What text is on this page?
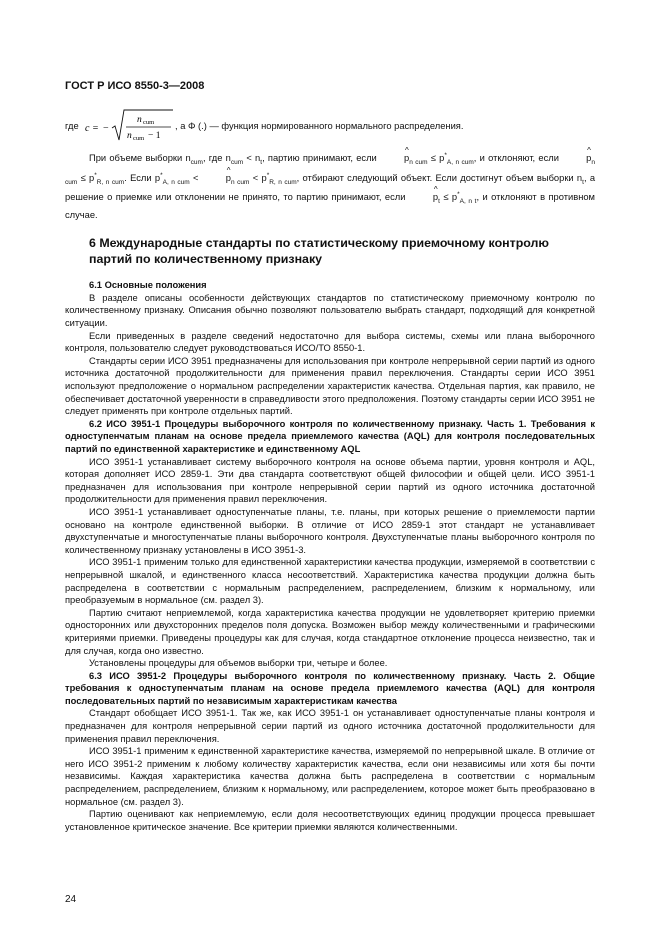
ГОСТ Р ИСО 8550-3—2008
где c = −
n cum
n cum − 1
, а Φ (.) — функция нормированного нормального распределения.

При объеме выборки $n_{cum}$, где $n_{cum} < n_t$, партию принимают, если	^ $p_{n cum} \le p^*_{A, n cum}$, и отклоняют, если	^ $p_{n cum} \le p^*_{R, n cum}$. Если $p^*_{A, n cum}$ <	^ $p_{n cum} < p^*_{R, n cum}$, отбирают следующий объект. Если достигнут объем выборки $n_t$, а решение о приемке или отклонении не принято, то партию принимают, если	^ $p_t \le p^*_{A, n t}$, и отклоняют в противном случае.

6 Международные стандарты по статистическому приемочному контролю партий по количественному признаку
6.1 Основные положения

В разделе описаны особенности действующих стандартов по статистическому приемочному контролю по количественному признаку. Описания обычно позволяют пользователю выбрать стандарт, подходящий для конкретной ситуации.

Если приведенных в разделе сведений недостаточно для выбора системы, схемы или плана выборочного контроля, пользователю следует руководствоваться ИСО/ТО 8550-1.

Стандарты серии ИСО 3951 предназначены для использования при контроле непрерывной серии партий из одного источника достаточной продолжительности для применения правил переключения. Стандарты серии ИСО 3951 используют предположение о нормальном распределении характеристик качества. Отдельная партия, как правило, не обеспечивает достаточной уверенности в справедливости этого предположения. Поэтому стандарты серии ИСО 3951 не следует применять при контроле отдельных партий.

6.2 ИСО 3951-1 Процедуры выборочного контроля по количественному признаку. Часть 1. Требования к одноступенчатым планам на основе предела приемлемого качества (AQL) для контроля последовательных партий по единственной характеристике и единственному AQL

ИСО 3951-1 устанавливает систему выборочного контроля на основе объема партии, уровня контроля и AQL, которая дополняет ИСО 2859-1. Эти два стандарта соответствуют общей философии и общей цели. ИСО 3951-1 предназначен для использования при контроле непрерывной серии партий из одного источника достаточной продолжительности для применения правил переключения.

ИСО 3951-1 устанавливает одноступенчатые планы, т.е. планы, при которых решение о приемлемости партии основано на контроле единственной выборки. В отличие от ИСО 2859-1 этот стандарт не устанавливает двухступенчатые и многоступенчатые планы выборочного контроля. Двухступенчатые планы выборочного контроля по количественному признаку установлены в ИСО 3951-3.

ИСО 3951-1 применим только для единственной характеристики качества продукции, измеряемой в соответствии с непрерывной шкалой, и единственного класса несоответствий. Характеристика качества продукции должна быть распределена в соответствии с нормальным распределением, распределением, близким к нормальному, или преобразуемым в нормальное (см. раздел 3).

Партию считают неприемлемой, когда характеристика качества продукции не удовлетворяет критерию приемки односторонних или двухсторонних пределов поля допуска. Возможен выбор между количественными и графическими критериями приемки. Приведены процедуры как для случая, когда стандартное отклонение процесса неизвестно, так и для случая, когда оно известно.

Установлены процедуры для объемов выборки три, четыре и более.

6.3 ИСО 3951-2 Процедуры выборочного контроля по количественному признаку. Часть 2. Общие требования к одноступенчатым планам на основе предела приемлемого качества (AQL) для контроля последовательных партий по независимым характеристикам качества

Стандарт обобщает ИСО 3951-1. Так же, как ИСО 3951-1 он устанавливает одноступенчатые планы контроля и предназначен для контроля непрерывной серии партий из одного источника достаточной продолжительности для применения правил переключения.

ИСО 3951-1 применим к единственной характеристике качества, измеряемой по непрерывной шкале. В отличие от него ИСО 3951-2 применим к любому количеству характеристик качества, если они независимы или хотя бы почти независимы. Каждая характеристика качества должна быть распределена в соответствии с нормальным распределением, распределением, близким к нормальному, или распределением, которое может быть преобразовано в нормальное (см. раздел 3).

Партию оценивают как неприемлемую, если доля несоответствующих единиц продукции процесса превышает установленное критическое значение. Все критерии приемки являются количественными.

24
